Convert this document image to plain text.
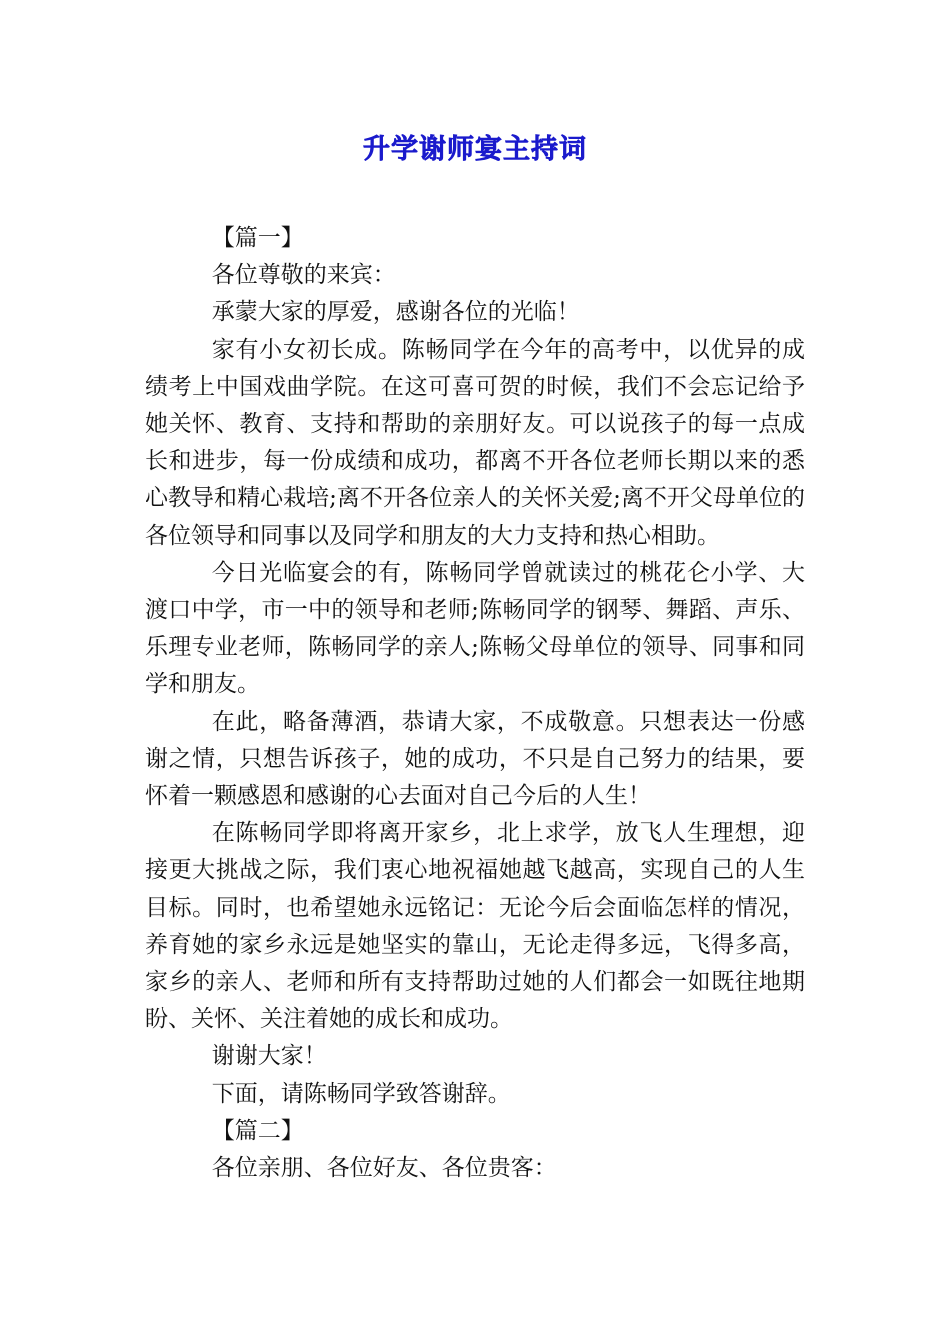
升学谢师宴主持词

【篇一】

各位尊敬的来宾：

承蒙大家的厚爱，感谢各位的光临！

家有小女初长成。陈畅同学在今年的高考中，以优异的成绩考上中国戏曲学院。在这可喜可贺的时候，我们不会忘记给予她关怀、教育、支持和帮助的亲朋好友。可以说孩子的每一点成长和进步，每一份成绩和成功，都离不开各位老师长期以来的悉心教导和精心栽培;离不开各位亲人的关怀关爱;离不开父母单位的各位领导和同事以及同学和朋友的大力支持和热心相助。

今日光临宴会的有，陈畅同学曾就读过的桃花仑小学、大渡口中学，市一中的领导和老师;陈畅同学的钢琴、舞蹈、声乐、乐理专业老师，陈畅同学的亲人;陈畅父母单位的领导、同事和同学和朋友。

在此，略备薄酒，恭请大家，不成敬意。只想表达一份感谢之情，只想告诉孩子，她的成功，不只是自己努力的结果，要怀着一颗感恩和感谢的心去面对自己今后的人生！

在陈畅同学即将离开家乡，北上求学，放飞人生理想，迎接更大挑战之际，我们衷心地祝福她越飞越高，实现自己的人生目标。同时，也希望她永远铭记：无论今后会面临怎样的情况，养育她的家乡永远是她坚实的靠山，无论走得多远，飞得多高，家乡的亲人、老师和所有支持帮助过她的人们都会一如既往地期盼、关怀、关注着她的成长和成功。

谢谢大家！

下面，请陈畅同学致答谢辞。

【篇二】

各位亲朋、各位好友、各位贵客：
